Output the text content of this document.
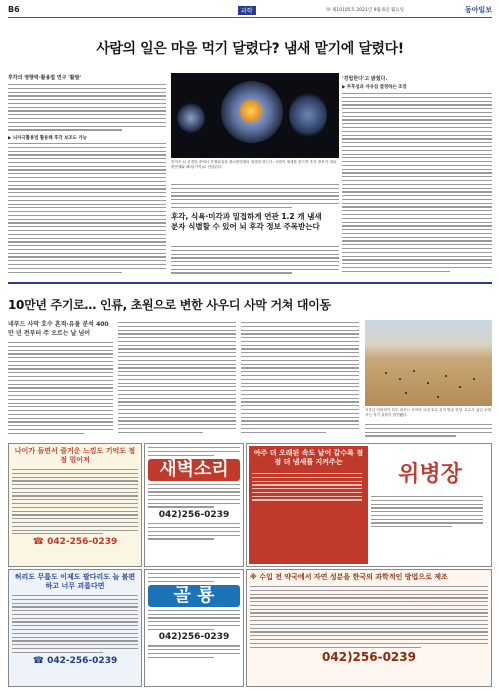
B6	과학	㉚ 제10105호 2021년 9월 6일 월요일	동아일보
사람의 일은 마음 먹기 달렸다? 냄새 맡기에 달렸다!
후각의 영향력·활용법 연구 '활발'
▶ 뇌자극활용법 활용해 후각 보조도 가능
후각은 뇌 신경망 중에서 후생피질과 대뇌변연계의 영향을 받는다. 사람이 냄새를 맡으면 후각 정보가 대뇌변연계와 해마(기억)로 전달된다.
후각, 식욕·미각과 밀접하게 연관 1.2 개 냄새 분자 식별할 수 있어 뇌 후각 정보 주목받는다
'경험한다'고 밝혔다.
▶ 무후섬과 자유섬 결정하는 조장
10만년 주기로… 인류, 초원으로 변한 사우디 사막 거쳐 대이동
네푸드 사막 호수 흔적·유물 분석 400만 년 전부터 주 오르는 날 넘어
사우디 아라비아 북부 네푸드 사막의 고대 호수 유적 발굴 현장. 호수가 있던 곳에서는 석기 유물이 발견됐다.
나이가 들면서 즐거운 느낌도 기억도 점점 멀어져
☎ 042-256-0239
새벽소리
042)256-0239
아주 더 오래된 속도 날이 갈수록 점점 더 냄새를 지켜주는	위병장
허리도 무릎도 이제도 팔다리도 늘 불편하고 너무 괴롭다면
☎ 042-256-0239
골 룡
042)256-0239
※ 수입 전 약국에서 자연 성분을 한국의 과학적인 방법으로 제조
042)256-0239
